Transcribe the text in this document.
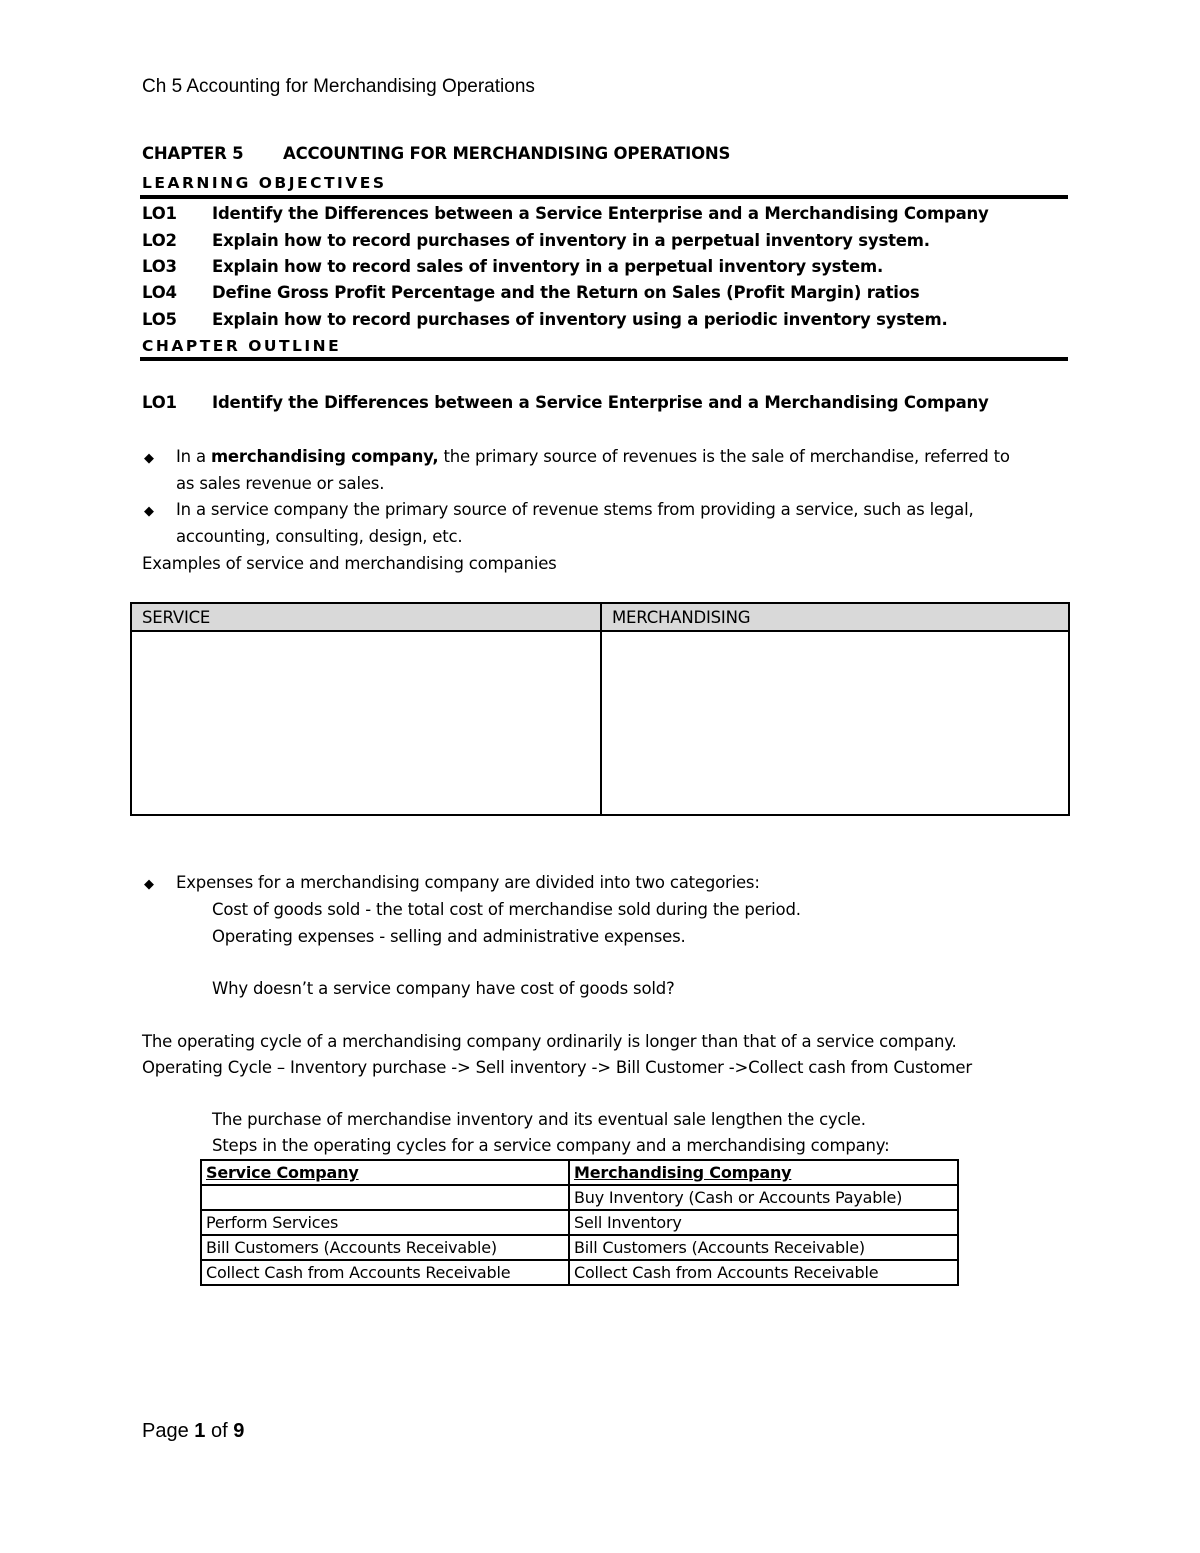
Ch 5 Accounting for Merchandising Operations
CHAPTER 5 ACCOUNTING FOR MERCHANDISING OPERATIONS
LEARNING OBJECTIVES
LO1 Identify the Differences between a Service Enterprise and a Merchandising Company
LO2 Explain how to record purchases of inventory in a perpetual inventory system.
LO3 Explain how to record sales of inventory in a perpetual inventory system.
LO4 Define Gross Profit Percentage and the Return on Sales (Profit Margin) ratios
LO5 Explain how to record purchases of inventory using a periodic inventory system.
CHAPTER OUTLINE
LO1 Identify the Differences between a Service Enterprise and a Merchandising Company
◆ In a merchandising company, the primary source of revenues is the sale of merchandise, referred to
as sales revenue or sales.
◆ In a service company the primary source of revenue stems from providing a service, such as legal,
accounting, consulting, design, etc.
Examples of service and merchandising companies
SERVICE	MERCHANDISING
◆ Expenses for a merchandising company are divided into two categories:
Cost of goods sold - the total cost of merchandise sold during the period.
Operating expenses - selling and administrative expenses.
Why doesn’t a service company have cost of goods sold?
The operating cycle of a merchandising company ordinarily is longer than that of a service company.
Operating Cycle – Inventory purchase -> Sell inventory -> Bill Customer ->Collect cash from Customer
The purchase of merchandise inventory and its eventual sale lengthen the cycle.
Steps in the operating cycles for a service company and a merchandising company:
Service Company	Merchandising Company
	Buy Inventory (Cash or Accounts Payable)
Perform Services	Sell Inventory
Bill Customers (Accounts Receivable)	Bill Customers (Accounts Receivable)
Collect Cash from Accounts Receivable	Collect Cash from Accounts Receivable
Page 1 of 9
